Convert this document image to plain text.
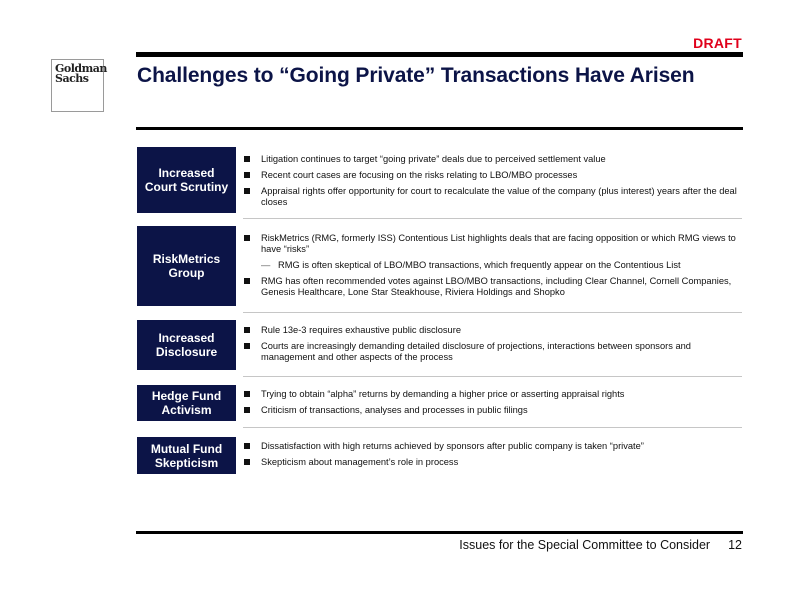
DRAFT
Goldman
Sachs	Challenges to “Going Private” Transactions Have Arisen
Increased Court Scrutiny
Litigation continues to target “going private” deals due to perceived settlement value
Recent court cases are focusing on the risks relating to LBO/MBO processes
Appraisal rights offer opportunity for court to recalculate the value of the company (plus interest) years after the deal closes
RiskMetrics Group
RiskMetrics (RMG, formerly ISS) Contentious List highlights deals that are facing opposition or which RMG views to have “risks”
— RMG is often skeptical of LBO/MBO transactions, which frequently appear on the Contentious List
RMG has often recommended votes against LBO/MBO transactions, including Clear Channel, Cornell Companies, Genesis Healthcare, Lone Star Steakhouse, Riviera Holdings and Shopko
Increased Disclosure
Rule 13e-3 requires exhaustive public disclosure
Courts are increasingly demanding detailed disclosure of projections, interactions between sponsors and management and other aspects of the process
Hedge Fund Activism
Trying to obtain “alpha” returns by demanding a higher price or asserting appraisal rights
Criticism of transactions, analyses and processes in public filings
Mutual Fund Skepticism
Dissatisfaction with high returns achieved by sponsors after public company is taken “private”
Skepticism about management’s role in process
Issues for the Special Committee to Consider 12
